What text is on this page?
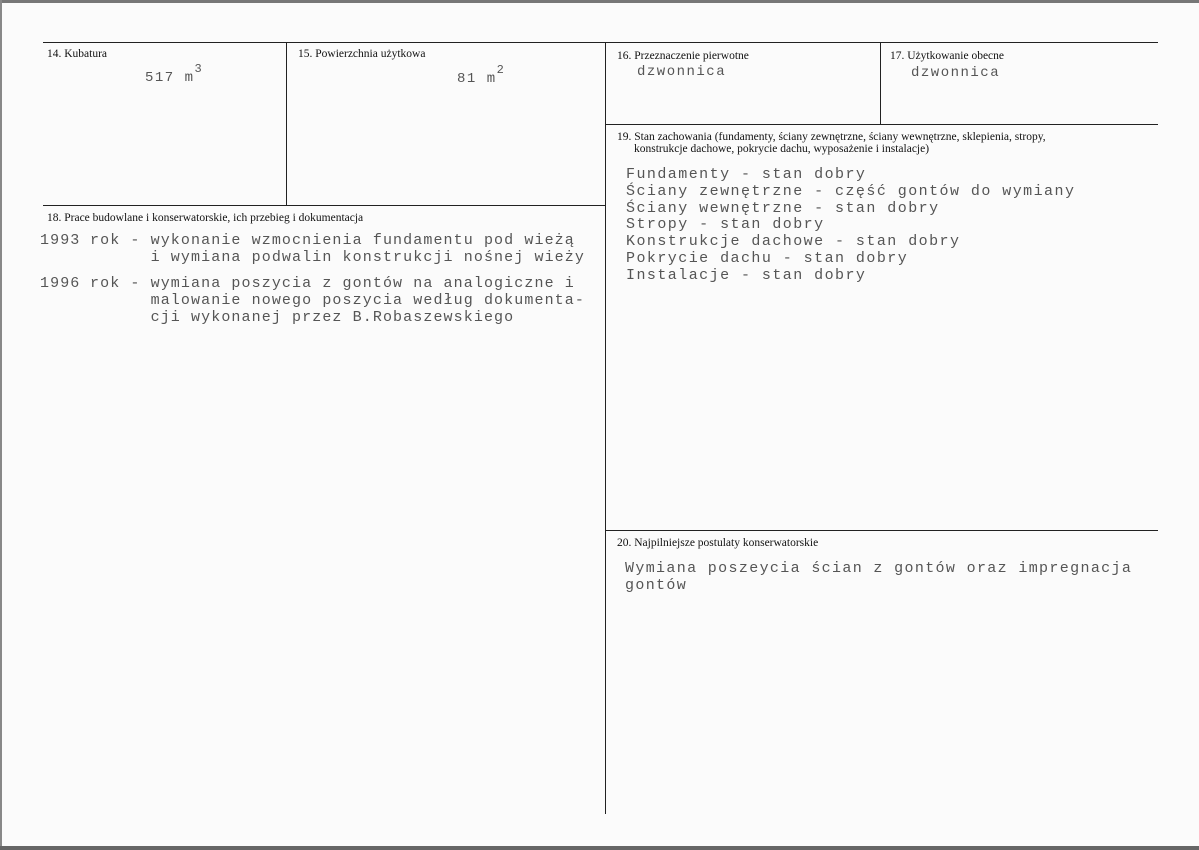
14. Kubatura
517 $m^3$
15. Powierzchnia użytkowa
81 $m^2$
16. Przeznaczenie pierwotne
dzwonnica
17. Użytkowanie obecne
dzwonnica
18. Prace budowlane i konserwatorskie, ich przebieg i dokumentacja
1993 rok - wykonanie wzmocnienia fundamentu pod wieżą
i wymiana podwalin konstrukcji nośnej wieży
1996 rok - wymiana poszycia z gontów na analogiczne i
malowanie nowego poszycia według dokumenta-
cji wykonanej przez B.Robaszewskiego
19. Stan zachowania (fundamenty, ściany zewnętrzne, ściany wewnętrzne, sklepienia, stropy,
konstrukcje dachowe, pokrycie dachu, wyposażenie i instalacje)
Fundamenty - stan dobry
Ściany zewnętrzne - część gontów do wymiany
Ściany wewnętrzne - stan dobry
Stropy - stan dobry
Konstrukcje dachowe - stan dobry
Pokrycie dachu - stan dobry
Instalacje - stan dobry
20. Najpilniejsze postulaty konserwatorskie
Wymiana poszeycia ścian z gontów oraz impregnacja
gontów
